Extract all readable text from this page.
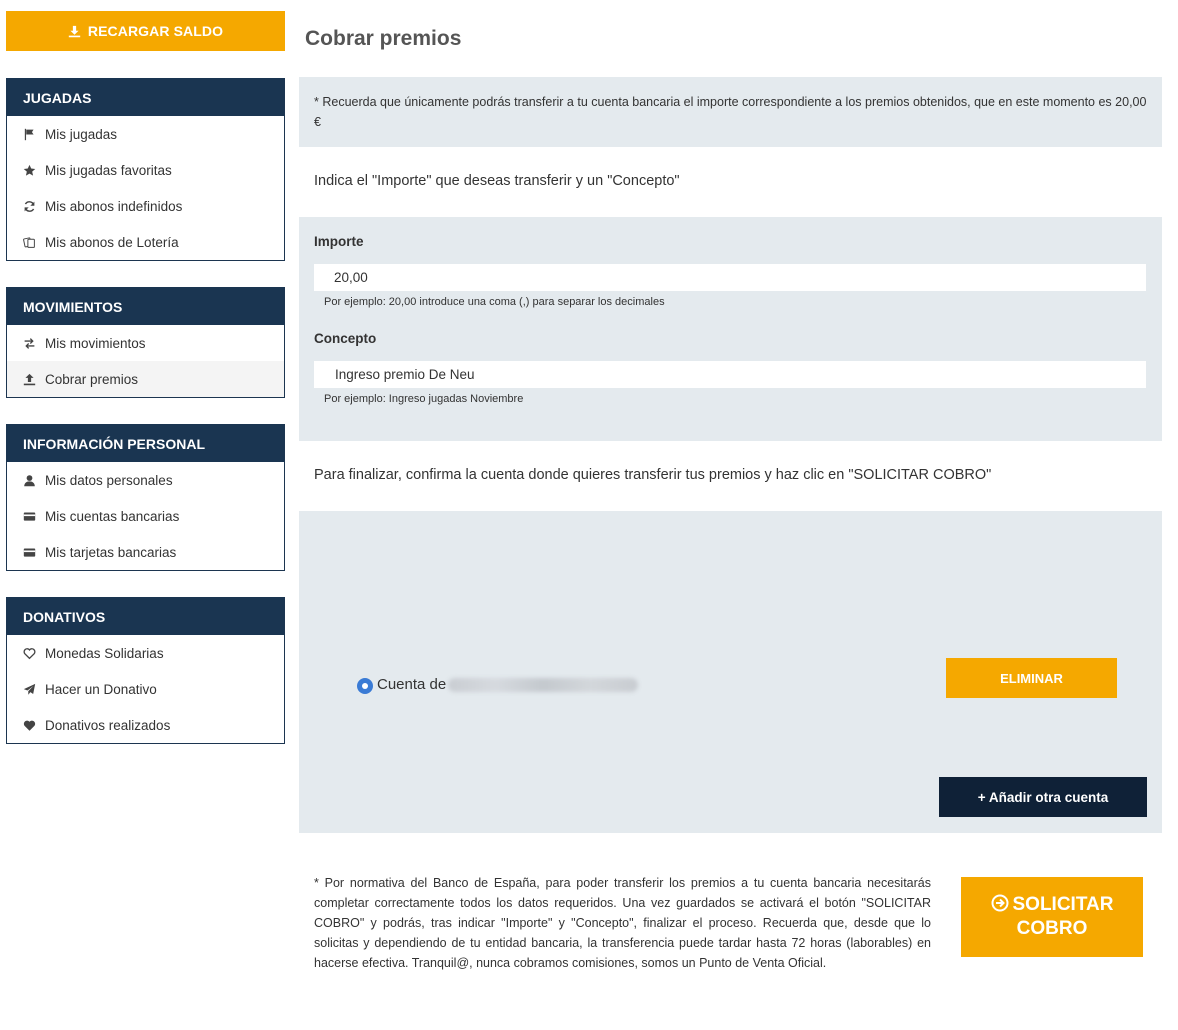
RECARGAR SALDO
JUGADAS
Mis jugadas
Mis jugadas favoritas
Mis abonos indefinidos
Mis abonos de Lotería
MOVIMIENTOS
Mis movimientos
Cobrar premios
INFORMACIÓN PERSONAL
Mis datos personales
Mis cuentas bancarias
Mis tarjetas bancarias
DONATIVOS
Monedas Solidarias
Hacer un Donativo
Donativos realizados
Cobrar premios
* Recuerda que únicamente podrás transferir a tu cuenta bancaria el importe correspondiente a los premios obtenidos, que en este momento es 20,00 €
Indica el "Importe" que deseas transferir y un "Concepto"
Importe
20,00
Por ejemplo: 20,00 introduce una coma (,) para separar los decimales
Concepto
Ingreso premio De Neu
Por ejemplo: Ingreso jugadas Noviembre
Para finalizar, confirma la cuenta donde quieres transferir tus premios y haz clic en "SOLICITAR COBRO"
Cuenta de	ELIMINAR
+ Añadir otra cuenta
* Por normativa del Banco de España, para poder transferir los premios a tu cuenta bancaria necesitarás completar correctamente todos los datos requeridos. Una vez guardados se activará el botón "SOLICITAR COBRO" y podrás, tras indicar "Importe" y "Concepto", finalizar el proceso. Recuerda que, desde que lo solicitas y dependiendo de tu entidad bancaria, la transferencia puede tardar hasta 72 horas (laborables) en hacerse efectiva. Tranquil@, nunca cobramos comisiones, somos un Punto de Venta Oficial.
SOLICITAR COBRO
